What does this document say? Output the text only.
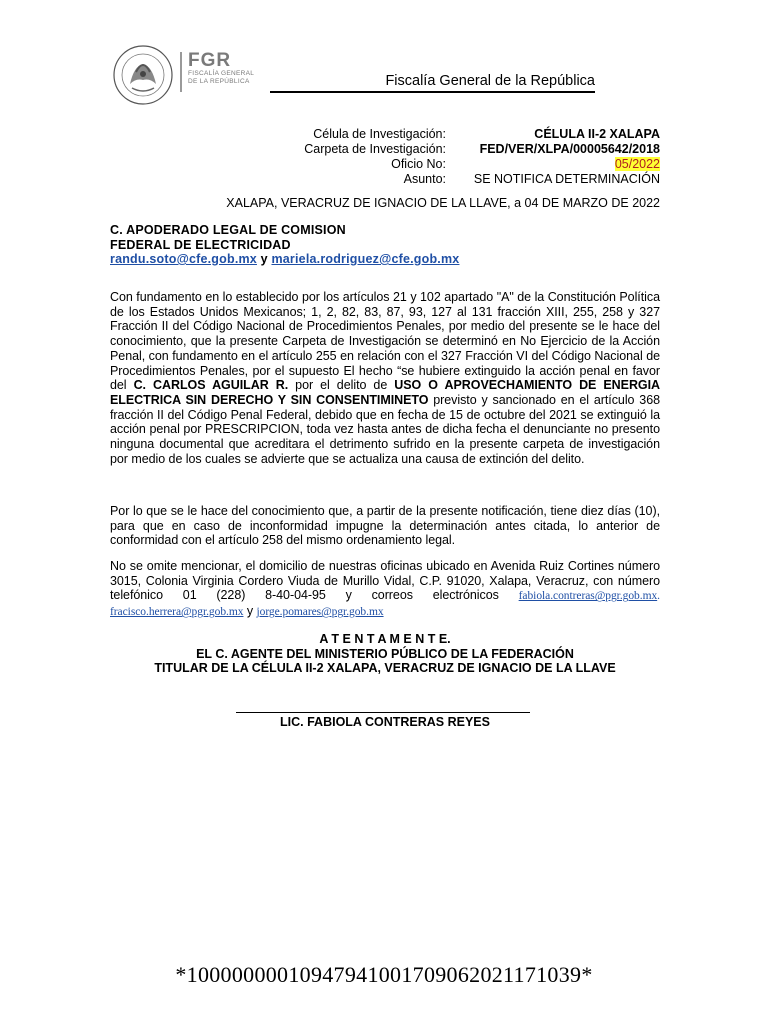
FGR
FISCALÍA GENERAL
DE LA REPÚBLICA	Fiscalía General de la República
Célula de Investigación:	CÉLULA II-2 XALAPA
Carpeta de Investigación:	FED/VER/XLPA/00005642/2018
Oficio No:	05/2022
Asunto:	SE NOTIFICA DETERMINACIÓN
XALAPA, VERACRUZ DE IGNACIO DE LA LLAVE, a 04 DE MARZO DE 2022
C. APODERADO LEGAL DE COMISION
FEDERAL DE ELECTRICIDAD
randu.soto@cfe.gob.mx y mariela.rodriguez@cfe.gob.mx
Con fundamento en lo establecido por los artículos 21 y 102 apartado "A" de la Constitución Política de los Estados Unidos Mexicanos; 1, 2, 82, 83, 87, 93, 127 al 131 fracción XIII, 255, 258 y 327 Fracción II del Código Nacional de Procedimientos Penales, por medio del presente se le hace del conocimiento, que la presente Carpeta de Investigación se determinó en No Ejercicio de la Acción Penal, con fundamento en el artículo 255 en relación con el 327 Fracción VI del Código Nacional de Procedimientos Penales, por el supuesto El hecho “se hubiere extinguido la acción penal en favor del C. CARLOS AGUILAR R. por el delito de USO O APROVECHAMIENTO DE ENERGIA ELECTRICA SIN DERECHO Y SIN CONSENTIMINETO previsto y sancionado en el artículo 368 fracción II del Código Penal Federal, debido que en fecha de 15 de octubre del 2021 se extinguió la acción penal por PRESCRIPCION, toda vez hasta antes de dicha fecha el denunciante no presento ninguna documental que acreditara el detrimento sufrido en la presente carpeta de investigación por medio de los cuales se advierte que se actualiza una causa de extinción del delito.
Por lo que se le hace del conocimiento que, a partir de la presente notificación, tiene diez días (10), para que en caso de inconformidad impugne la determinación antes citada, lo anterior de conformidad con el artículo 258 del mismo ordenamiento legal.
No se omite mencionar, el domicilio de nuestras oficinas ubicado en Avenida Ruiz Cortines número 3015, Colonia Virginia Cordero Viuda de Murillo Vidal, C.P. 91020, Xalapa, Veracruz, con número telefónico 01 (228) 8-40-04-95 y correos electrónicos fabiola.contreras@pgr.gob.mx. fracisco.herrera@pgr.gob.mx y jorge.pomares@pgr.gob.mx
A T E N T A M E N T E.
EL C. AGENTE DEL MINISTERIO PÚBLICO DE LA FEDERACIÓN
TITULAR DE LA CÉLULA II-2 XALAPA, VERACRUZ DE IGNACIO DE LA LLAVE
LIC. FABIOLA CONTRERAS REYES
*1000000001094794100170906202117103​9*
